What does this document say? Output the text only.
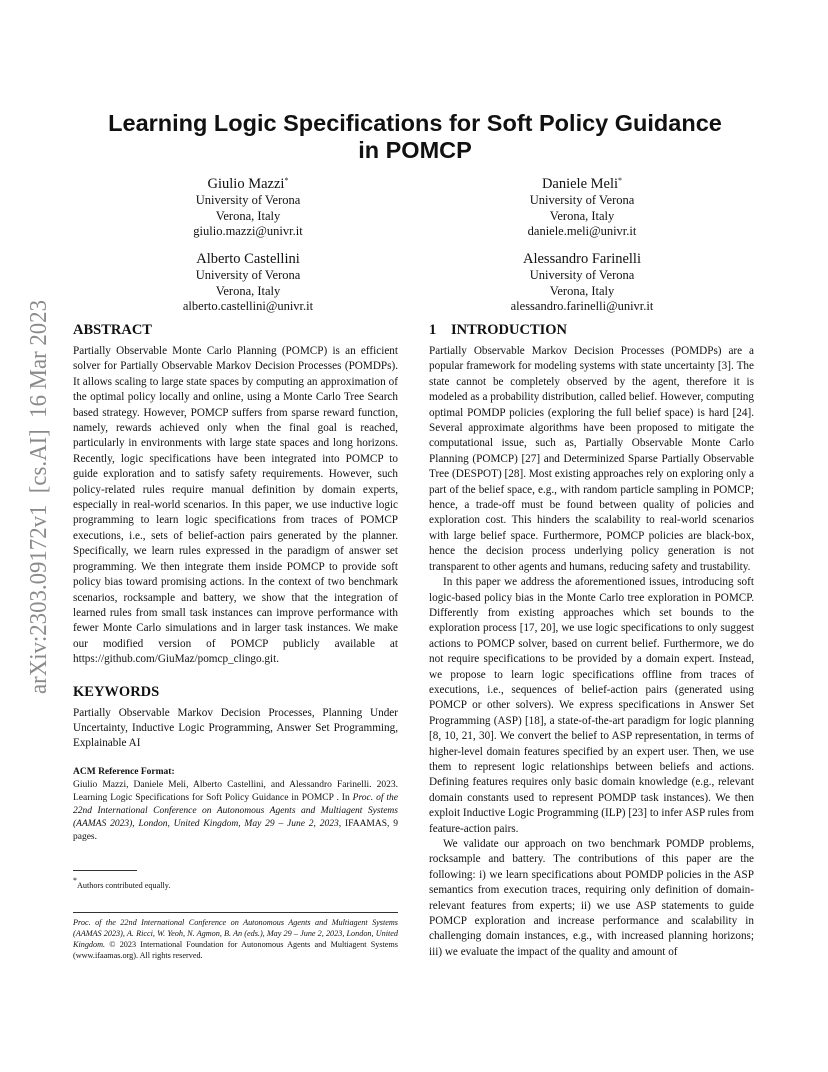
arXiv:2303.09172v1  [cs.AI]  16 Mar 2023
Learning Logic Specifications for Soft Policy Guidance
in POMCP
Giulio Mazzi*
University of Verona
Verona, Italy
giulio.mazzi@univr.it
Daniele Meli*
University of Verona
Verona, Italy
daniele.meli@univr.it
Alberto Castellini
University of Verona
Verona, Italy
alberto.castellini@univr.it
Alessandro Farinelli
University of Verona
Verona, Italy
alessandro.farinelli@univr.it
ABSTRACT

Partially Observable Monte Carlo Planning (POMCP) is an efficient solver for Partially Observable Markov Decision Processes (POMDPs). It allows scaling to large state spaces by computing an approximation of the optimal policy locally and online, using a Monte Carlo Tree Search based strategy. However, POMCP suffers from sparse reward function, namely, rewards achieved only when the final goal is reached, particularly in environments with large state spaces and long horizons. Recently, logic specifications have been integrated into POMCP to guide exploration and to satisfy safety requirements. However, such policy-related rules require manual definition by domain experts, especially in real-world scenarios. In this paper, we use inductive logic programming to learn logic specifications from traces of POMCP executions, i.e., sets of belief-action pairs generated by the planner. Specifically, we learn rules expressed in the paradigm of answer set programming. We then integrate them inside POMCP to provide soft policy bias toward promising actions. In the context of two benchmark scenarios, rocksample and battery, we show that the integration of learned rules from small task instances can improve performance with fewer Monte Carlo simulations and in larger task instances. We make our modified version of POMCP publicly available at https://github.com/GiuMaz/pomcp_clingo.git.

KEYWORDS

Partially Observable Markov Decision Processes, Planning Under Uncertainty, Inductive Logic Programming, Answer Set Programming, Explainable AI

ACM Reference Format:

Giulio Mazzi, Daniele Meli, Alberto Castellini, and Alessandro Farinelli. 2023. Learning Logic Specifications for Soft Policy Guidance in POMCP . In Proc. of the 22nd International Conference on Autonomous Agents and Multiagent Systems (AAMAS 2023), London, United Kingdom, May 29 – June 2, 2023, IFAAMAS, 9 pages.

*Authors contributed equally.
Proc. of the 22nd International Conference on Autonomous Agents and Multiagent Systems (AAMAS 2023), A. Ricci, W. Yeoh, N. Agmon, B. An (eds.), May 29 – June 2, 2023, London, United Kingdom. © 2023 International Foundation for Autonomous Agents and Multiagent Systems (www.ifaamas.org). All rights reserved.
1 INTRODUCTION

Partially Observable Markov Decision Processes (POMDPs) are a popular framework for modeling systems with state uncertainty [3]. The state cannot be completely observed by the agent, therefore it is modeled as a probability distribution, called belief. However, computing optimal POMDP policies (exploring the full belief space) is hard [24]. Several approximate algorithms have been proposed to mitigate the computational issue, such as, Partially Observable Monte Carlo Planning (POMCP) [27] and Determinized Sparse Partially Observable Tree (DESPOT) [28]. Most existing approaches rely on exploring only a part of the belief space, e.g., with random particle sampling in POMCP; hence, a trade-off must be found between quality of policies and exploration cost. This hinders the scalability to real-world scenarios with large belief space. Furthermore, POMCP policies are black-box, hence the decision process underlying policy generation is not transparent to other agents and humans, reducing safety and trustability.

In this paper we address the aforementioned issues, introducing soft logic-based policy bias in the Monte Carlo tree exploration in POMCP. Differently from existing approaches which set bounds to the exploration process [17, 20], we use logic specifications to only suggest actions to POMCP solver, based on current belief. Furthermore, we do not require specifications to be provided by a domain expert. Instead, we propose to learn logic specifications offline from traces of executions, i.e., sequences of belief-action pairs (generated using POMCP or other solvers). We express specifications in Answer Set Programming (ASP) [18], a state-of-the-art paradigm for logic planning [8, 10, 21, 30]. We convert the belief to ASP representation, in terms of higher-level domain features specified by an expert user. Then, we use them to represent logic relationships between beliefs and actions. Defining features requires only basic domain knowledge (e.g., relevant domain constants used to represent POMDP task instances). We then exploit Inductive Logic Programming (ILP) [23] to infer ASP rules from feature-action pairs.

We validate our approach on two benchmark POMDP problems, rocksample and battery. The contributions of this paper are the following: i) we learn specifications about POMDP policies in the ASP semantics from execution traces, requiring only definition of domain-relevant features from experts; ii) we use ASP statements to guide POMCP exploration and increase performance and scalability in challenging domain instances, e.g., with increased planning horizons; iii) we evaluate the impact of the quality and amount of
